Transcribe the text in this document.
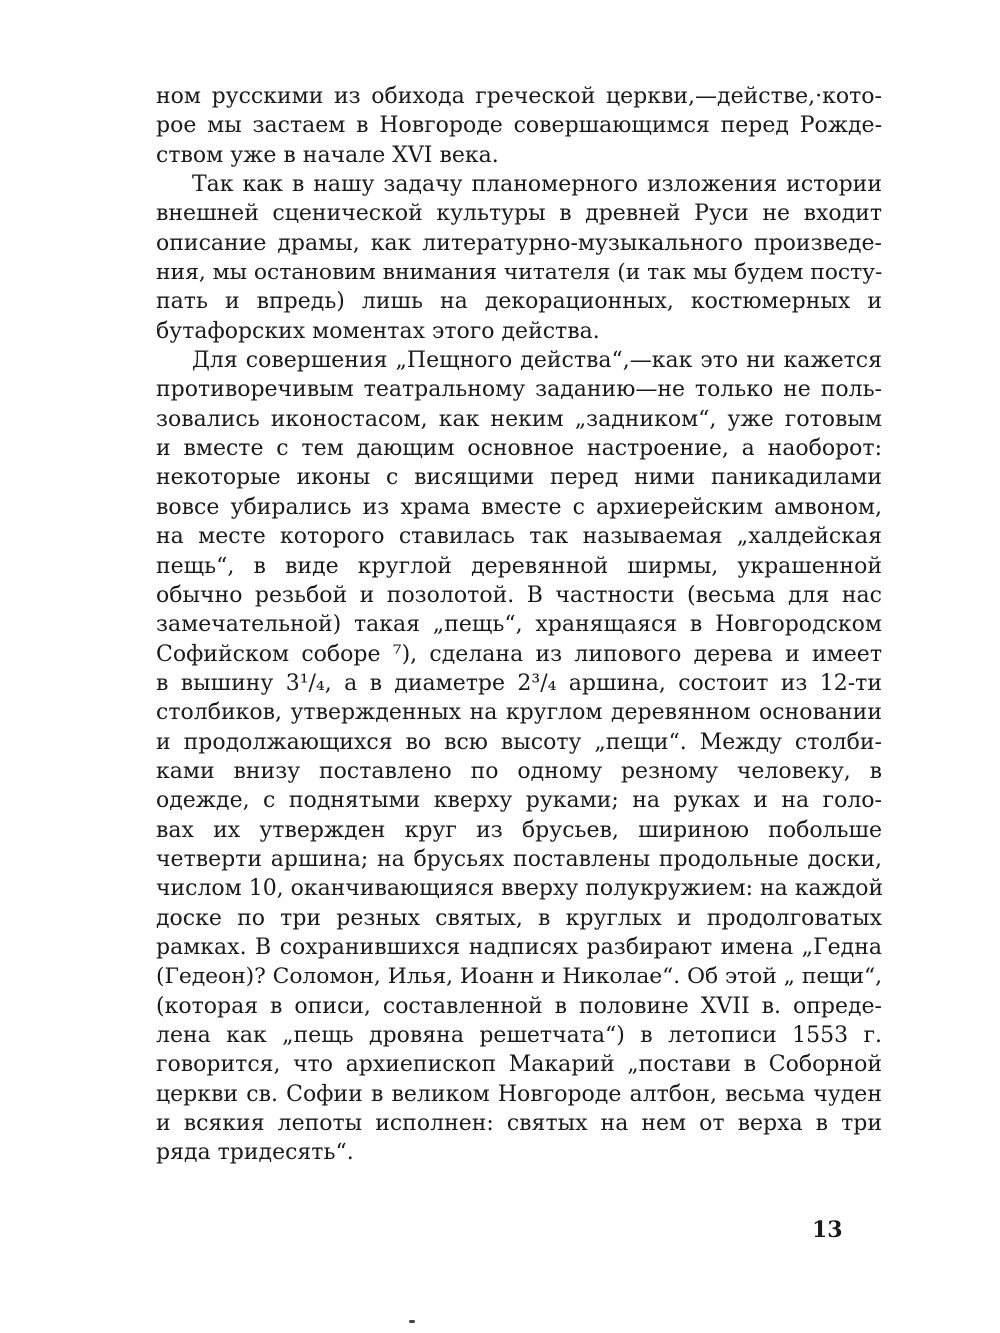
ном русскими из обихода греческой церкви,—действе,·кото-
рое мы застаем в Новгороде совершающимся перед Рожде-
ством уже в начале XVI века.
Так как в нашу задачу планомерного изложения истории
внешней сценической культуры в древней Руси не входит
описание драмы, как литературно-музыкального произведе-
ния, мы остановим внимания читателя (и так мы будем посту-
пать и впредь) лишь на декорационных, костюмерных и
бутафорских моментах этого действа.
Для совершения „Пещного действа“,—как это ни кажется
противоречивым театральному заданию—не только не поль-
зовались иконостасом, как неким „задником“, уже готовым
и вместе с тем дающим основное настроение, а наоборот:
некоторые иконы с висящими перед ними паникадилами
вовсе убирались из храма вместе с архиерейским амвоном,
на месте которого ставилась так называемая „халдейская
пещь“, в виде круглой деревянной ширмы, украшенной
обычно резьбой и позолотой. В частности (весьма для нас
замечательной) такая „пещь“, хранящаяся в Новгородском
Софийском соборе ⁷), сделана из липового дерева и имеет
в вышину 3¹/₄, а в диаметре 2³/₄ аршина, состоит из 12-ти
столбиков, утвержденных на круглом деревянном основании
и продолжающихся во всю высоту „пещи“. Между столби-
ками внизу поставлено по одному резному человеку, в
одежде, с поднятыми кверху руками; на руках и на голо-
вах их утвержден круг из брусьев, шириною побольше
четверти аршина; на брусьях поставлены продольные доски,
числом 10, оканчивающияся вверху полукружием: на каждой
доске по три резных святых, в круглых и продолговатых
рамках. В сохранившихся надписях разбирают имена „Гедна
(Гедеон)? Соломон, Илья, Иоанн и Николае“. Об этой „ пещи“,
(которая в описи, составленной в половине XVII в. опреде-
лена как „пещь дровяна решетчата“) в летописи 1553 г.
говорится, что архиепископ Макарий „постави в Соборной
церкви св. Софии в великом Новгороде алтбон, весьма чуден
и всякия лепоты исполнен: святых на нем от верха в три
ряда тридесять“.
13
